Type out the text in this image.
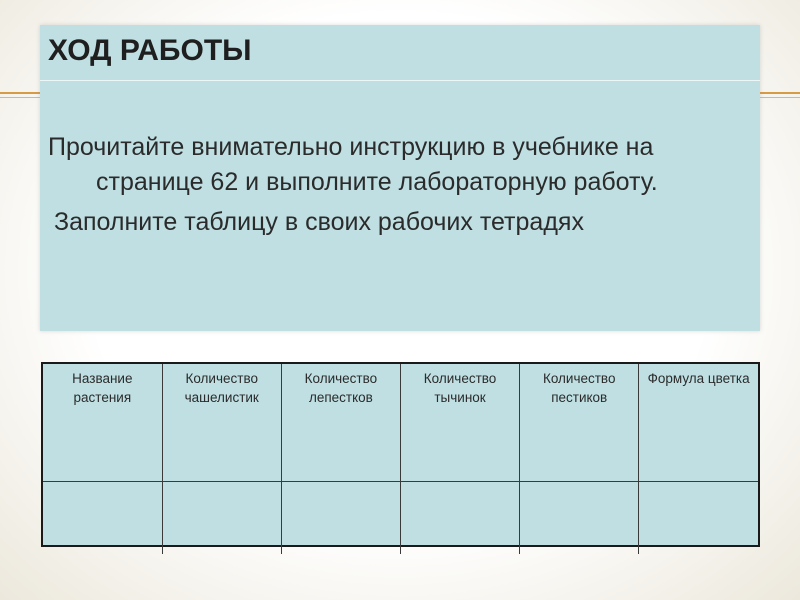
ХОД РАБОТЫ

Прочитайте внимательно инструкцию в учебнике на странице 62 и выполните лабораторную работу.

Заполните таблицу в своих рабочих тетрадях

Название растения	Количество чашелистик	Количество лепестков	Количество тычинок	Количество пестиков	Формула цветка
